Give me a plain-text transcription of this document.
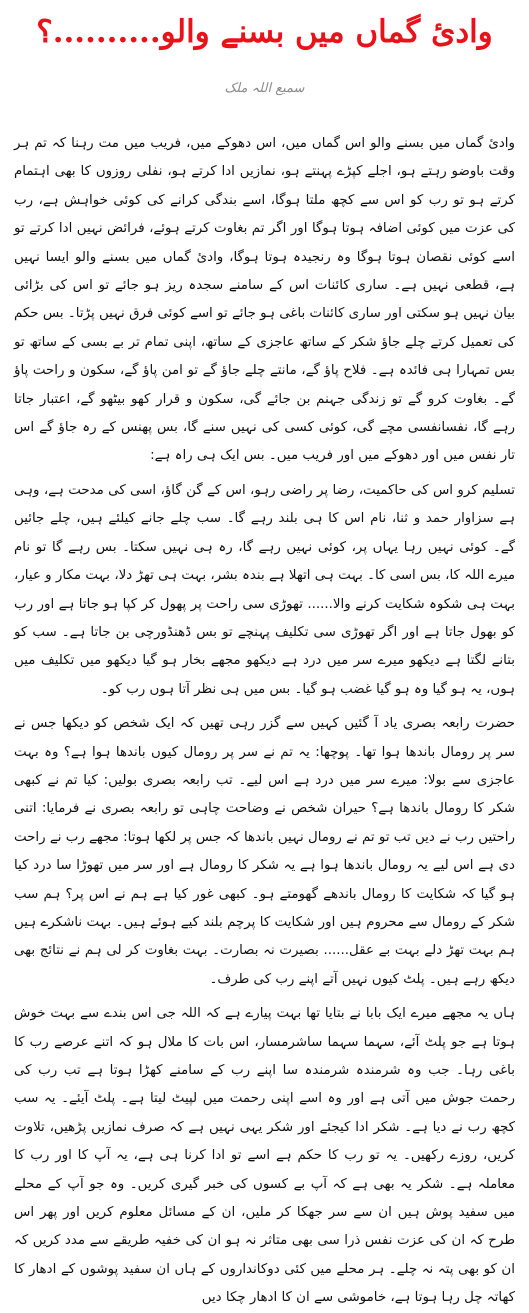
وادیٔ گماں میں بسنے والو..........؟
سمیع اللہ ملک

وادیٔ گماں میں بسنے والو اس گماں میں، اس دھوکے میں، فریب میں مت رہنا کہ تم ہر وقت باوضو رہتے ہو، اجلے کپڑے پہنتے ہو، نمازیں ادا کرتے ہو، نفلی روزوں کا بھی اہتمام کرتے ہو تو رب کو اس سے کچھ ملتا ہوگا، اسے بندگی کرانے کی کوئی خواہش ہے، رب کی عزت میں کوئی اضافہ ہوتا ہوگا اور اگر تم بغاوت کرتے ہوئے، فرائض نہیں ادا کرتے تو اسے کوئی نقصان ہوتا ہوگا وہ رنجیدہ ہوتا ہوگا، وادیٔ گماں میں بسنے والو ایسا نہیں ہے، قطعی نہیں ہے۔ ساری کائنات اس کے سامنے سجدہ ریز ہو جائے تو اس کی بڑائی بیان نہیں ہو سکتی اور ساری کائنات باغی ہو جائے تو اسے کوئی فرق نہیں پڑتا۔ بس حکم کی تعمیل کرتے چلے جاؤ شکر کے ساتھ عاجزی کے ساتھ، اپنی تمام تر بے بسی کے ساتھ تو بس تمہارا ہی فائدہ ہے۔ فلاح پاؤ گے، مانتے چلے جاؤ گے تو امن پاؤ گے، سکون و راحت پاؤ گے۔ بغاوت کرو گے تو زندگی جہنم بن جائے گی، سکون و قرار کھو بیٹھو گے، اعتبار جاتا رہے گا، نفسانفسی مچے گی، کوئی کسی کی نہیں سنے گا، بس پھنس کے رہ جاؤ گے اس تار نفس میں اور دھوکے میں اور فریب میں۔ بس ایک ہی راہ ہے:

تسلیم کرو اس کی حاکمیت، رضا پر راضی رہو، اس کے گن گاؤ، اسی کی مدحت ہے، وہی ہے سزاوار حمد و ثنا، نام اس کا ہی بلند رہے گا۔ سب چلے جانے کیلئے ہیں، چلے جائیں گے۔ کوئی نہیں رہا یہاں پر، کوئی نہیں رہے گا، رہ ہی نہیں سکتا۔ بس رہے گا تو نام میرے اللہ کا، بس اسی کا۔ بہت ہی اتھلا ہے بندہ بشر، بہت ہی تھڑ دلا، بہت مکار و عیار، بہت ہی شکوہ شکایت کرنے والا...... تھوڑی سی راحت پر پھول کر کپا ہو جاتا ہے اور رب کو بھول جاتا ہے اور اگر تھوڑی سی تکلیف پہنچے تو بس ڈھنڈورچی بن جاتا ہے۔ سب کو بتانے لگتا ہے دیکھو میرے سر میں درد ہے دیکھو مجھے بخار ہو گیا دیکھو میں تکلیف میں ہوں، یہ ہو گیا وہ ہو گیا غضب ہو گیا۔ بس میں ہی نظر آتا ہوں رب کو۔

حضرت رابعہ بصری یاد آ گئیں کہیں سے گزر رہی تھیں کہ ایک شخص کو دیکھا جس نے سر پر رومال باندھا ہوا تھا۔ پوچھا: یہ تم نے سر پر رومال کیوں باندھا ہوا ہے؟ وہ بہت عاجزی سے بولا: میرے سر میں درد ہے اس لیے۔ تب رابعہ بصری بولیں: کیا تم نے کبھی شکر کا رومال باندھا ہے؟ حیران شخص نے وضاحت چاہی تو رابعہ بصری نے فرمایا: اتنی راحتیں رب نے دیں تب تو تم نے رومال نہیں باندھا کہ جس پر لکھا ہوتا: مجھے رب نے راحت دی ہے اس لیے یہ رومال باندھا ہوا ہے یہ شکر کا رومال ہے اور سر میں تھوڑا سا درد کیا ہو گیا کہ شکایت کا رومال باندھے گھومتے ہو۔ کبھی غور کیا ہے ہم نے اس پر؟ ہم سب شکر کے رومال سے محروم ہیں اور شکایت کا پرچم بلند کیے ہوئے ہیں۔ بہت ناشکرے ہیں ہم بہت تھڑ دلے بہت بے عقل...... بصیرت نہ بصارت۔ بہت بغاوت کر لی ہم نے نتائج بھی دیکھ رہے ہیں۔ پلٹ کیوں نہیں آتے اپنے رب کی طرف۔

ہاں یہ مجھے میرے ایک بابا نے بتایا تھا بہت پیارے ہے کہ اللہ جی اس بندے سے بہت خوش ہوتا ہے جو پلٹ آئے، سہما سہما ساشرمسار، اس بات کا ملال ہو کہ اتنے عرصے رب کا باغی رہا۔ جب وہ شرمندہ شرمندہ سا اپنے رب کے سامنے کھڑا ہوتا ہے تب رب کی رحمت جوش میں آتی ہے اور وہ اسے اپنی رحمت میں لپیٹ لیتا ہے۔ پلٹ آیئے۔ یہ سب کچھ رب نے دیا ہے۔ شکر ادا کیجئے اور شکر یہی نہیں ہے کہ صرف نمازیں پڑھیں، تلاوت کریں، روزے رکھیں۔ یہ تو رب کا حکم ہے اسے تو ادا کرنا ہی ہے، یہ آپ کا اور رب کا معاملہ ہے۔ شکر یہ بھی ہے کہ آپ بے کسوں کی خبر گیری کریں۔ وہ جو آپ کے محلے میں سفید پوش ہیں ان سے سر جھکا کر ملیں، ان کے مسائل معلوم کریں اور پھر اس طرح کہ ان کی عزت نفس ذرا سی بھی متاثر نہ ہو ان کی خفیہ طریقے سے مدد کریں کہ ان کو بھی پتہ نہ چلے۔ ہر محلے میں کئی دوکانداروں کے ہاں ان سفید پوشوں کے ادھار کا کھاتہ چل رہا ہوتا ہے، خاموشی سے ان کا ادھار چکا دیں
